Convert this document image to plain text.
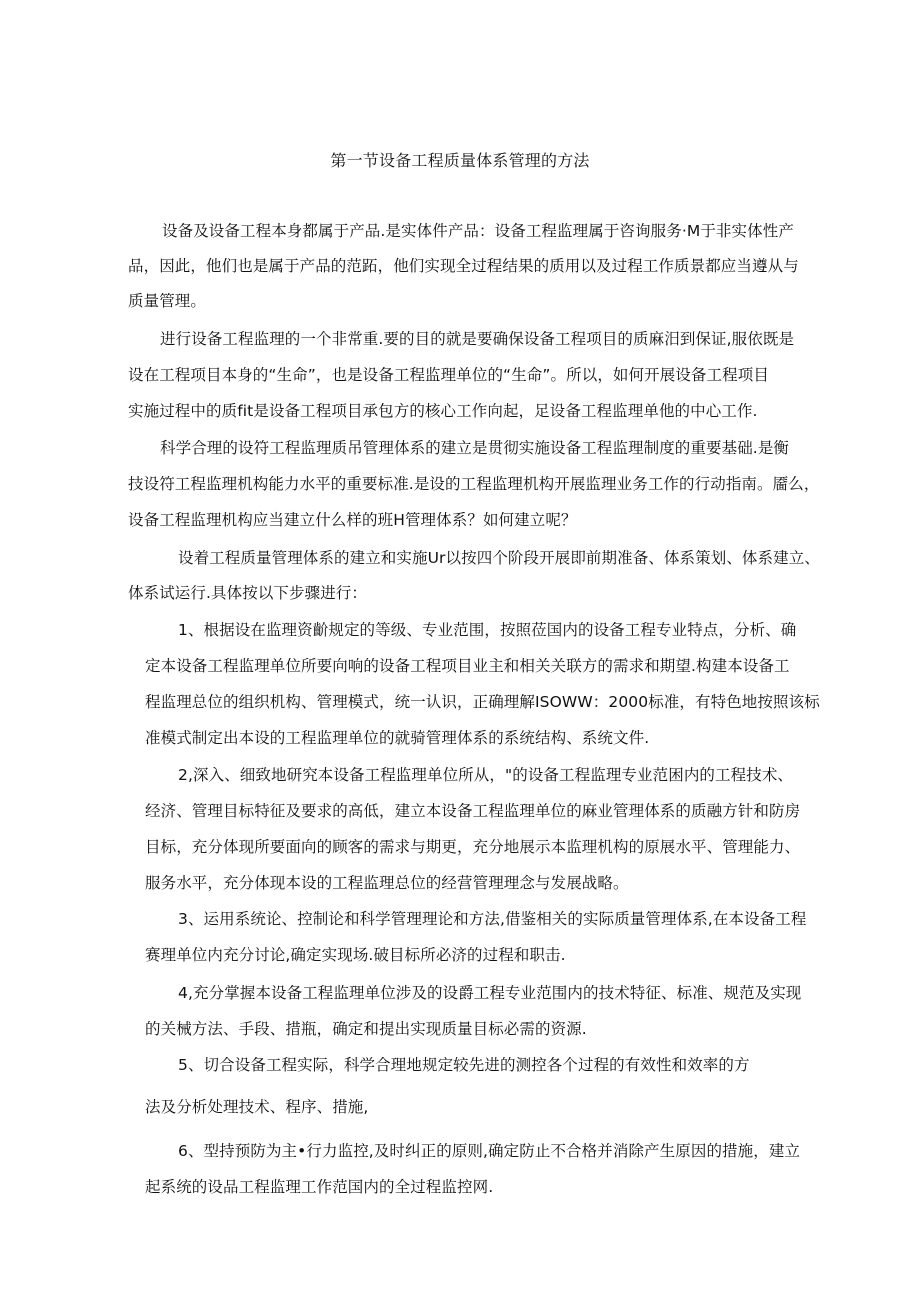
第一节设备工程质量体系管理的方法
设备及设备工程本身都属于产品.是实体件产品：设备工程监理属于咨询服务·M于非实体性产
品，因此，他们也是属于产品的范跖，他们实现全过程结果的质用以及过程工作质景都应当遵从与
质量管理。
进行设备工程监理的一个非常重.要的目的就是要确保设备工程项目的质麻汨到保证,服依既是
设在工程项目本身的“生命”，也是设备工程监理单位的“生命”。所以，如何开展设备工程项目
实施过程中的质fit是设备工程项目承包方的核心工作向起，足设备工程监理单他的中心工作.
科学合理的设符工程监理质吊管理体系的建立是贯彻实施设备工程监理制度的重要基础.是衡
技设符工程监理机构能力水平的重要标准.是设的工程监理机构开展监理业务工作的行动指南。靥么，
设备工程监理机构应当建立什么样的班H管理体系？如何建立呢？
设着工程质量管理体系的建立和实施Ur以按四个阶段开展即前期准备、体系策划、体系建立、
体系试运行.具体按以下步骤进行：
1、根据设在监理资齘规定的等级、专业范围，按照莅国内的设备工程专业特点，分析、确
定本设备工程监理单位所要向响的设备工程项目业主和相关关联方的需求和期望.构建本设备工
程监理总位的组织机构、管理模式，统一认识，正确理解ISOWW：2000标准，有特色地按照该标
准模式制定出本设的工程监理单位的就骑管理体系的系统结构、系统文件.
2,深入、细致地研究本设备工程监理单位所从，"的设备工程监理专业范困内的工程技术、
经济、管理目标特征及要求的高低，建立本设备工程监理单位的麻业管理体系的质融方针和防房
目标，充分体现所要面向的顾客的需求与期更，充分地展示本监理机构的原展水平、管理能力、
服务水平，充分体现本设的工程监理总位的经营管理理念与发展战略。
3、运用系统论、控制论和科学管理理论和方法,借鉴相关的实际质量管理体系,在本设备工程
赛理单位内充分讨论,确定实现场.破目标所必济的过程和职击.
4,充分掌握本设备工程监理单位涉及的设爵工程专业范围内的技术特征、标准、规范及实现
的关械方法、手段、措瓶，确定和提出实现质量目标必需的资源.
5、切合设备工程实际，科学合理地规定较先进的测控各个过程的有效性和效率的方
法及分析处理技术、程序、措施,
6、型持预防为主•行力监控,及时纠正的原则,确定防止不合格并消除产生原因的措施，建立
起系统的设品工程监理工作范国内的全过程监控网.
